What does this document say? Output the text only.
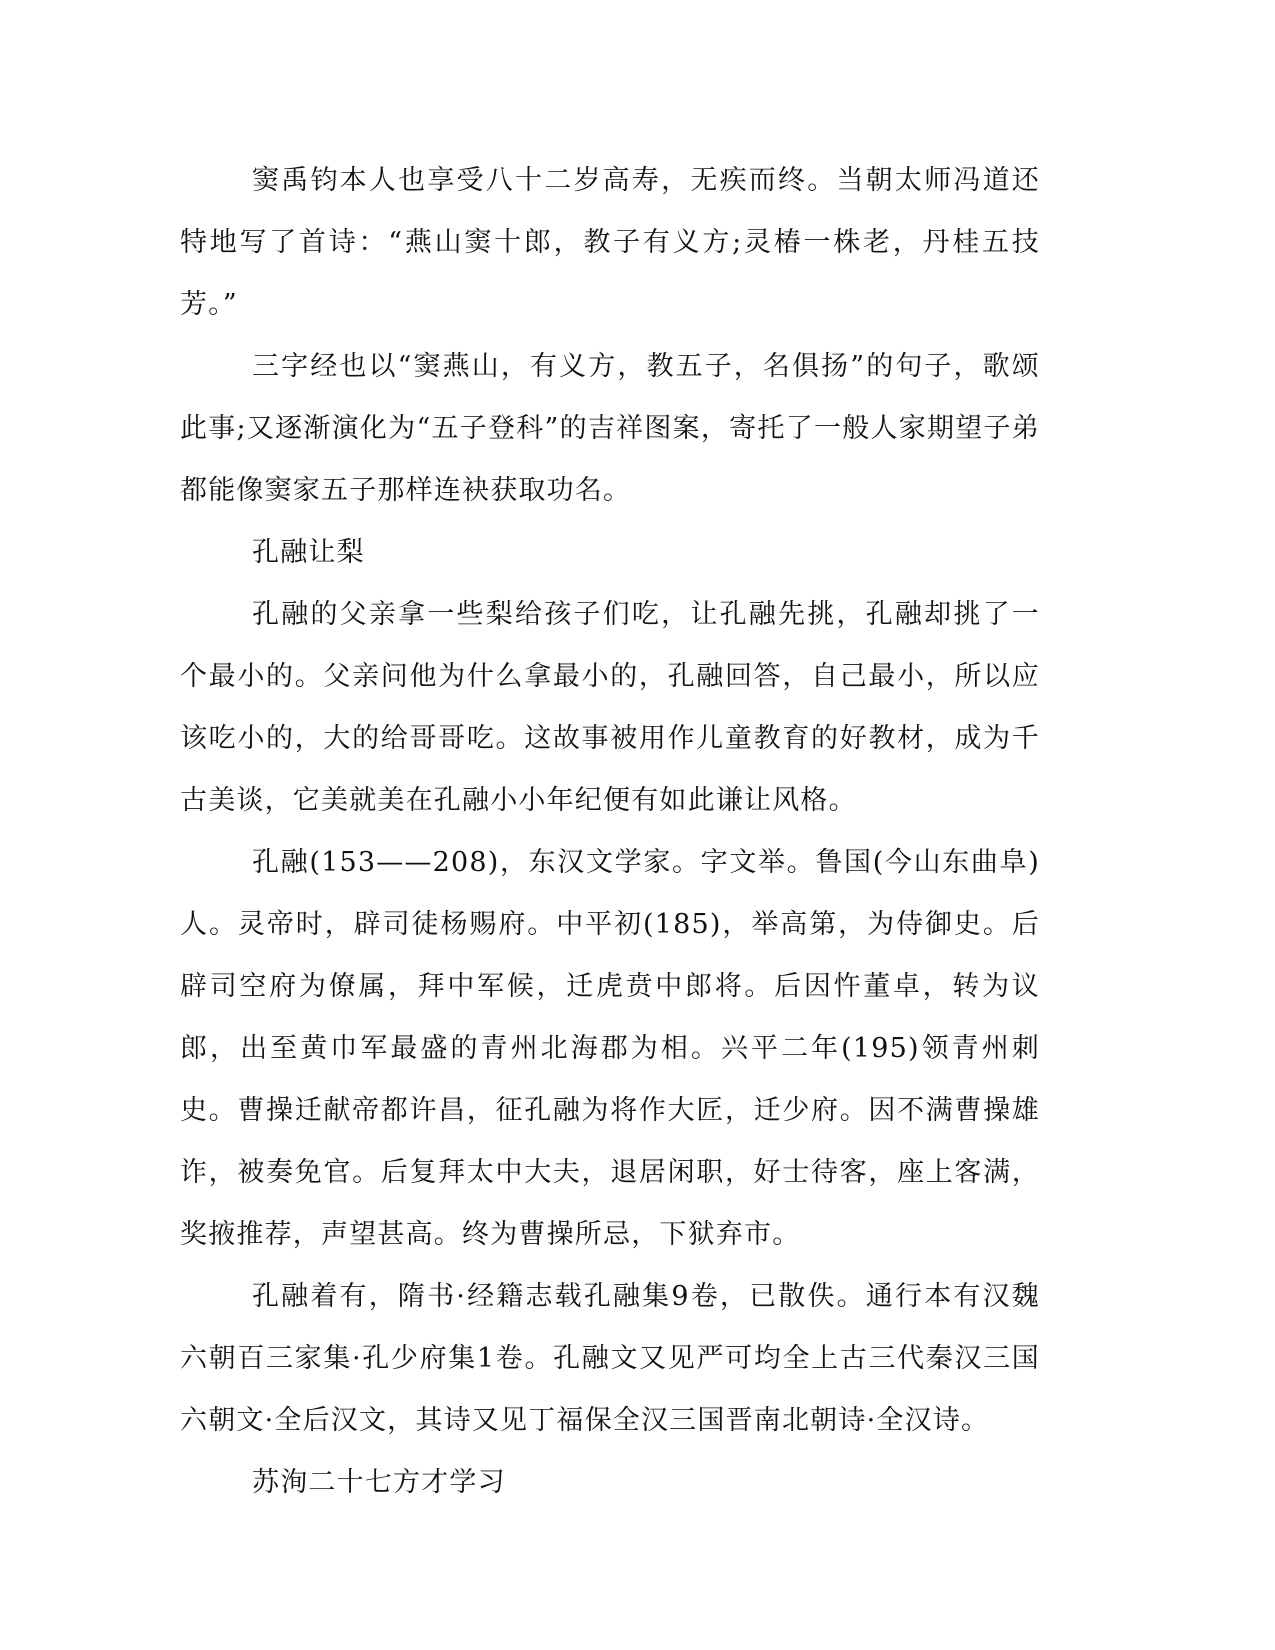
窦禹钧本人也享受八十二岁高寿，无疾而终。当朝太师冯道还特地写了首诗：“燕山窦十郎，教子有义方;灵椿一株老，丹桂五技芳。”

三字经也以“窦燕山，有义方，教五子，名俱扬”的句子，歌颂此事;又逐渐演化为“五子登科”的吉祥图案，寄托了一般人家期望子弟都能像窦家五子那样连袂获取功名。

孔融让梨

孔融的父亲拿一些梨给孩子们吃，让孔融先挑，孔融却挑了一个最小的。父亲问他为什么拿最小的，孔融回答，自己最小，所以应该吃小的，大的给哥哥吃。这故事被用作儿童教育的好教材，成为千古美谈，它美就美在孔融小小年纪便有如此谦让风格。

孔融(153——208)，东汉文学家。字文举。鲁国(今山东曲阜)人。灵帝时，辟司徒杨赐府。中平初(185)，举高第，为侍御史。后辟司空府为僚属，拜中军候，迁虎贲中郎将。后因忤董卓，转为议郎，出至黄巾军最盛的青州北海郡为相。兴平二年(195)领青州刺史。曹操迁献帝都许昌，征孔融为将作大匠，迁少府。因不满曹操雄诈，被奏免官。后复拜太中大夫，退居闲职，好士待客，座上客满，奖掖推荐，声望甚高。终为曹操所忌，下狱弃市。

孔融着有，隋书·经籍志载孔融集9卷，已散佚。通行本有汉魏六朝百三家集·孔少府集1卷。孔融文又见严可均全上古三代秦汉三国六朝文·全后汉文，其诗又见丁福保全汉三国晋南北朝诗·全汉诗。

苏洵二十七方才学习
